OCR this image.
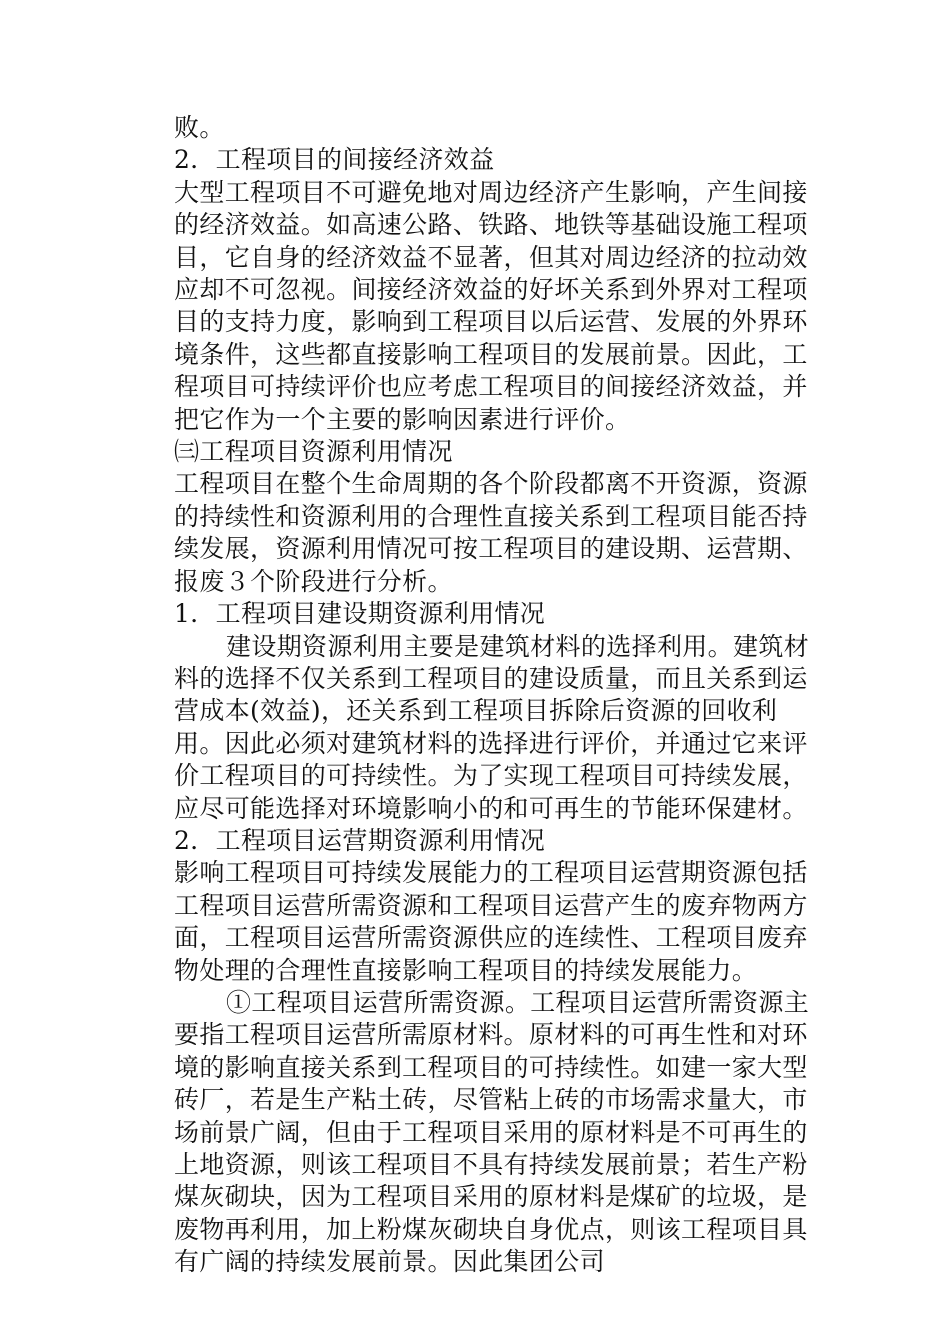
败。

2．工程项目的间接经济效益

大型工程项目不可避免地对周边经济产生影响，产生间接的经济效益。如高速公路、铁路、地铁等基础设施工程项目，它自身的经济效益不显著，但其对周边经济的拉动效应却不可忽视。间接经济效益的好坏关系到外界对工程项目的支持力度，影响到工程项目以后运营、发展的外界环境条件，这些都直接影响工程项目的发展前景。因此，工程项目可持续评价也应考虑工程项目的间接经济效益，并把它作为一个主要的影响因素进行评价。

㈢工程项目资源利用情况

工程项目在整个生命周期的各个阶段都离不开资源，资源的持续性和资源利用的合理性直接关系到工程项目能否持续发展，资源利用情况可按工程项目的建设期、运营期、报废３个阶段进行分析。

1．工程项目建设期资源利用情况

建设期资源利用主要是建筑材料的选择利用。建筑材料的选择不仅关系到工程项目的建设质量，而且关系到运营成本(效益)，还关系到工程项目拆除后资源的回收利用。因此必须对建筑材料的选择进行评价，并通过它来评价工程项目的可持续性。为了实现工程项目可持续发展，应尽可能选择对环境影响小的和可再生的节能环保建材。

2．工程项目运营期资源利用情况

影响工程项目可持续发展能力的工程项目运营期资源包括工程项目运营所需资源和工程项目运营产生的废弃物两方面，工程项目运营所需资源供应的连续性、工程项目废弃物处理的合理性直接影响工程项目的持续发展能力。

①工程项目运营所需资源。工程项目运营所需资源主要指工程项目运营所需原材料。原材料的可再生性和对环境的影响直接关系到工程项目的可持续性。如建一家大型砖厂，若是生产粘土砖，尽管粘上砖的市场需求量大，市场前景广阔，但由于工程项目采用的原材料是不可再生的上地资源，则该工程项目不具有持续发展前景；若生产粉煤灰砌块，因为工程项目采用的原材料是煤矿的垃圾，是废物再利用，加上粉煤灰砌块自身优点，则该工程项目具有广阔的持续发展前景。因此集团公司
